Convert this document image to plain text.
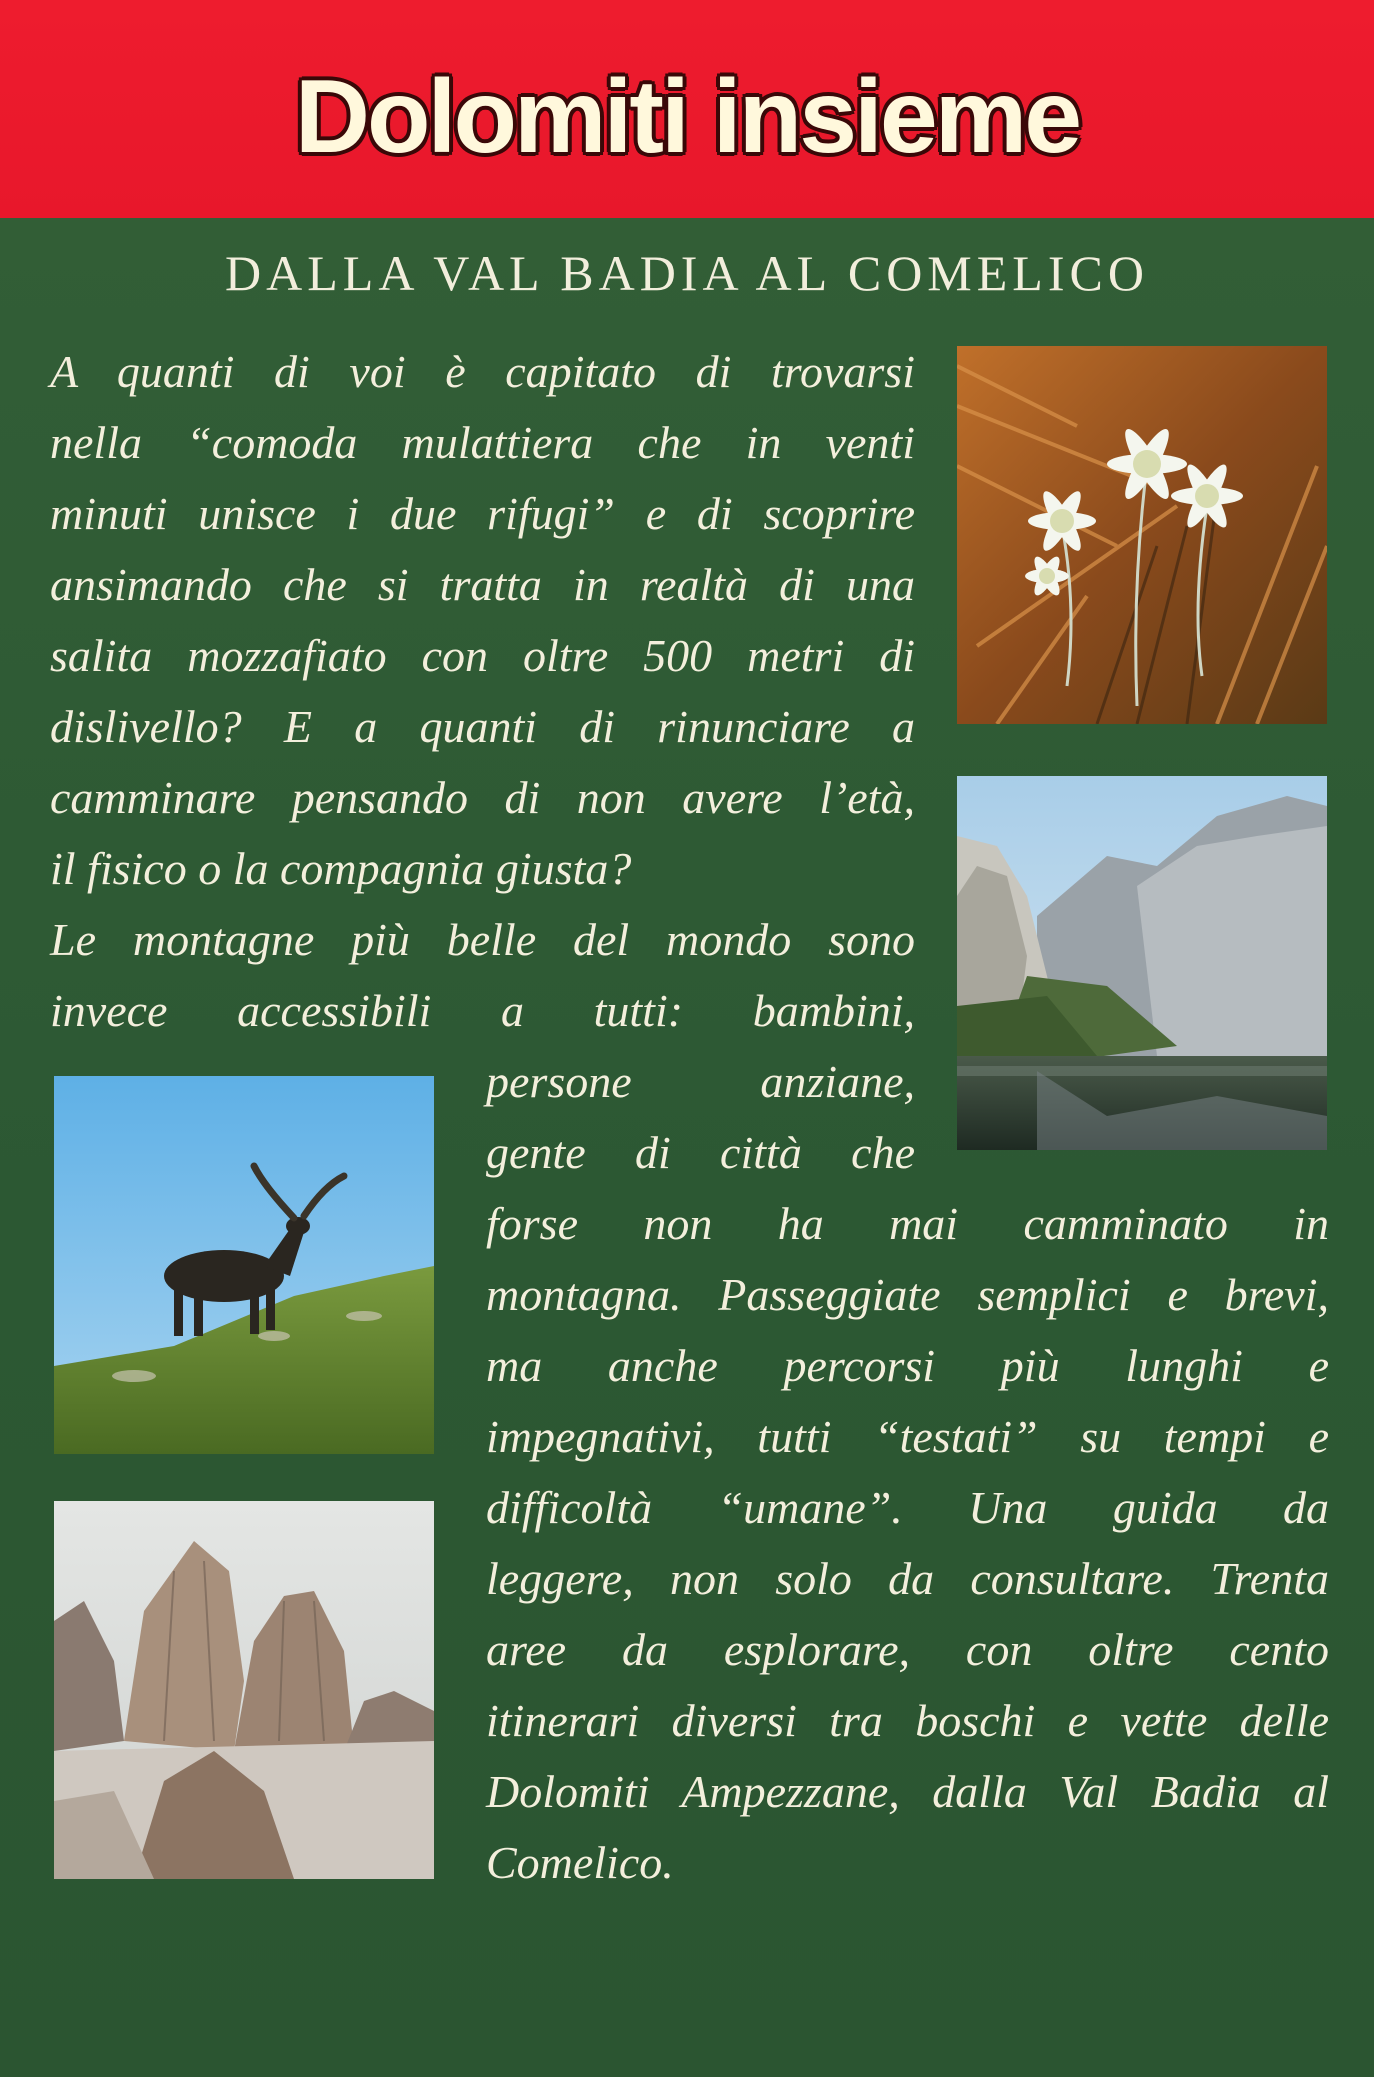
Dolomiti insieme
DALLA VAL BADIA AL COMELICO
A quanti di voi è capitato di trovarsi
nella “comoda mulattiera che in venti
minuti unisce i due rifugi” e di scoprire
ansimando che si tratta in realtà di una
salita mozzafiato con oltre 500 metri di
dislivello? E a quanti di rinunciare a
camminare pensando di non avere l’età,
il fisico o la compagnia giusta?
Le montagne più belle del mondo sono
invece accessibili a tutti: bambini,
persone anziane,
gente di città che
forse non ha mai camminato in
montagna. Passeggiate semplici e brevi,
ma anche percorsi più lunghi e
impegnativi, tutti “testati” su tempi e
difficoltà “umane”. Una guida da
leggere, non solo da consultare. Trenta
aree da esplorare, con oltre cento
itinerari diversi tra boschi e vette delle
Dolomiti Ampezzane, dalla Val Badia al
Comelico.
